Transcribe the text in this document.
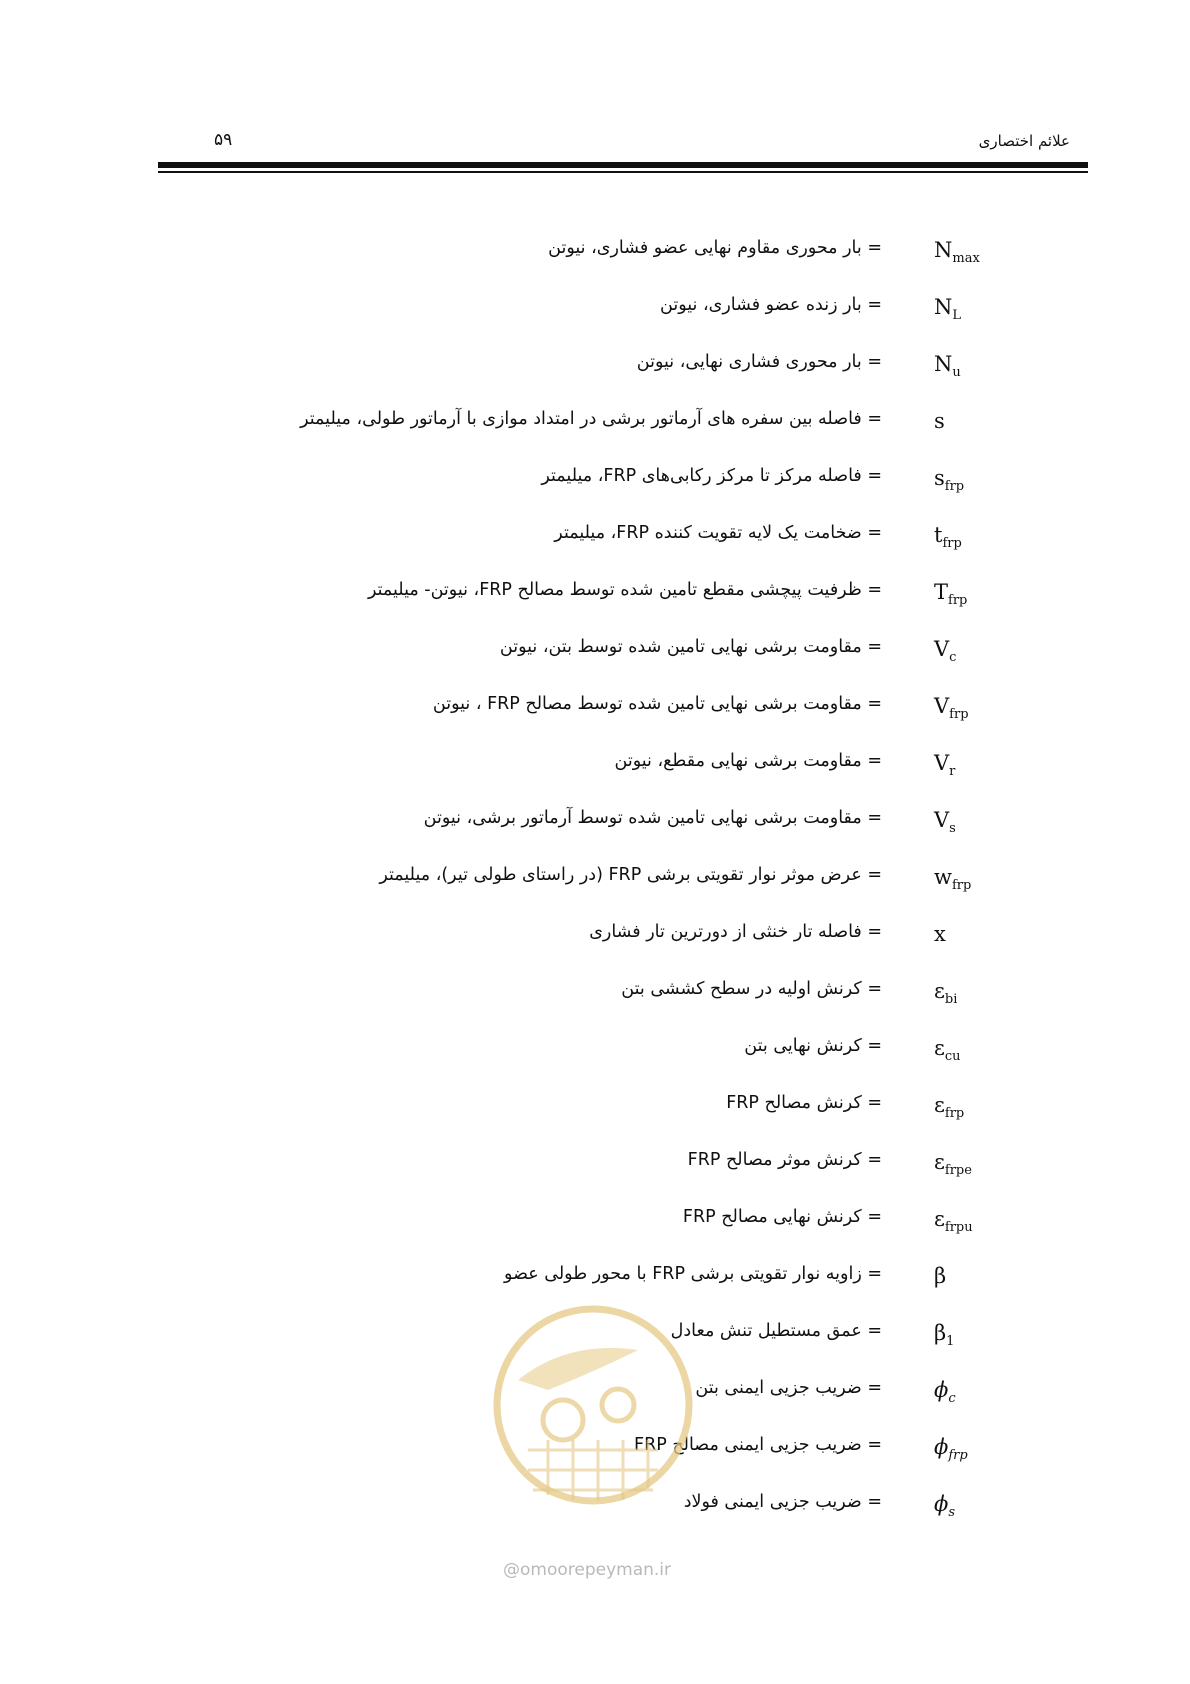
علائم اختصاری
۵۹
$N_{max}$
= بار محوری مقاوم نهایی عضو فشاری، نیوتن
$N_L$
= بار زنده عضو فشاری، نیوتن
$N_u$
= بار محوری فشاری نهایی، نیوتن
s
= فاصله بین سفره های آرماتور برشی در امتداد موازی با آرماتور طولی، میلیمتر
$s_{frp}$
= فاصله مرکز تا مرکز رکابی‌های FRP، میلیمتر
$t_{frp}$
= ضخامت یک لایه تقویت کننده FRP، میلیمتر
$T_{frp}$
= ظرفیت پیچشی مقطع تامین شده توسط مصالح FRP، نیوتن- میلیمتر
$V_c$
= مقاومت برشی نهایی تامین شده توسط بتن، نیوتن
$V_{frp}$
= مقاومت برشی نهایی تامین شده توسط مصالح FRP ، نیوتن
$V_r$
= مقاومت برشی نهایی مقطع، نیوتن
$V_s$
= مقاومت برشی نهایی تامین شده توسط آرماتور برشی، نیوتن
$w_{frp}$
= عرض موثر نوار تقویتی برشی FRP (در راستای طولی تیر)، میلیمتر
x
= فاصله تار خنثی از دورترین تار فشاری
$\varepsilon_{bi}$
= کرنش اولیه در سطح کششی بتن
$\varepsilon_{cu}$
= کرنش نهایی بتن
$\varepsilon_{frp}$
= کرنش مصالح FRP
$\varepsilon_{frpe}$
= کرنش موثر مصالح FRP
$\varepsilon_{frpu}$
= کرنش نهایی مصالح FRP
β
= زاویه نوار تقویتی برشی FRP با محور طولی عضو
$\beta_1$
= عمق مستطیل تنش معادل
$\phi_c$
= ضریب جزیی ایمنی بتن
$\phi_{frp}$
= ضریب جزیی ایمنی مصالح FRP
$\phi_s$
= ضریب جزیی ایمنی فولاد
@omoorepeyman.ir
